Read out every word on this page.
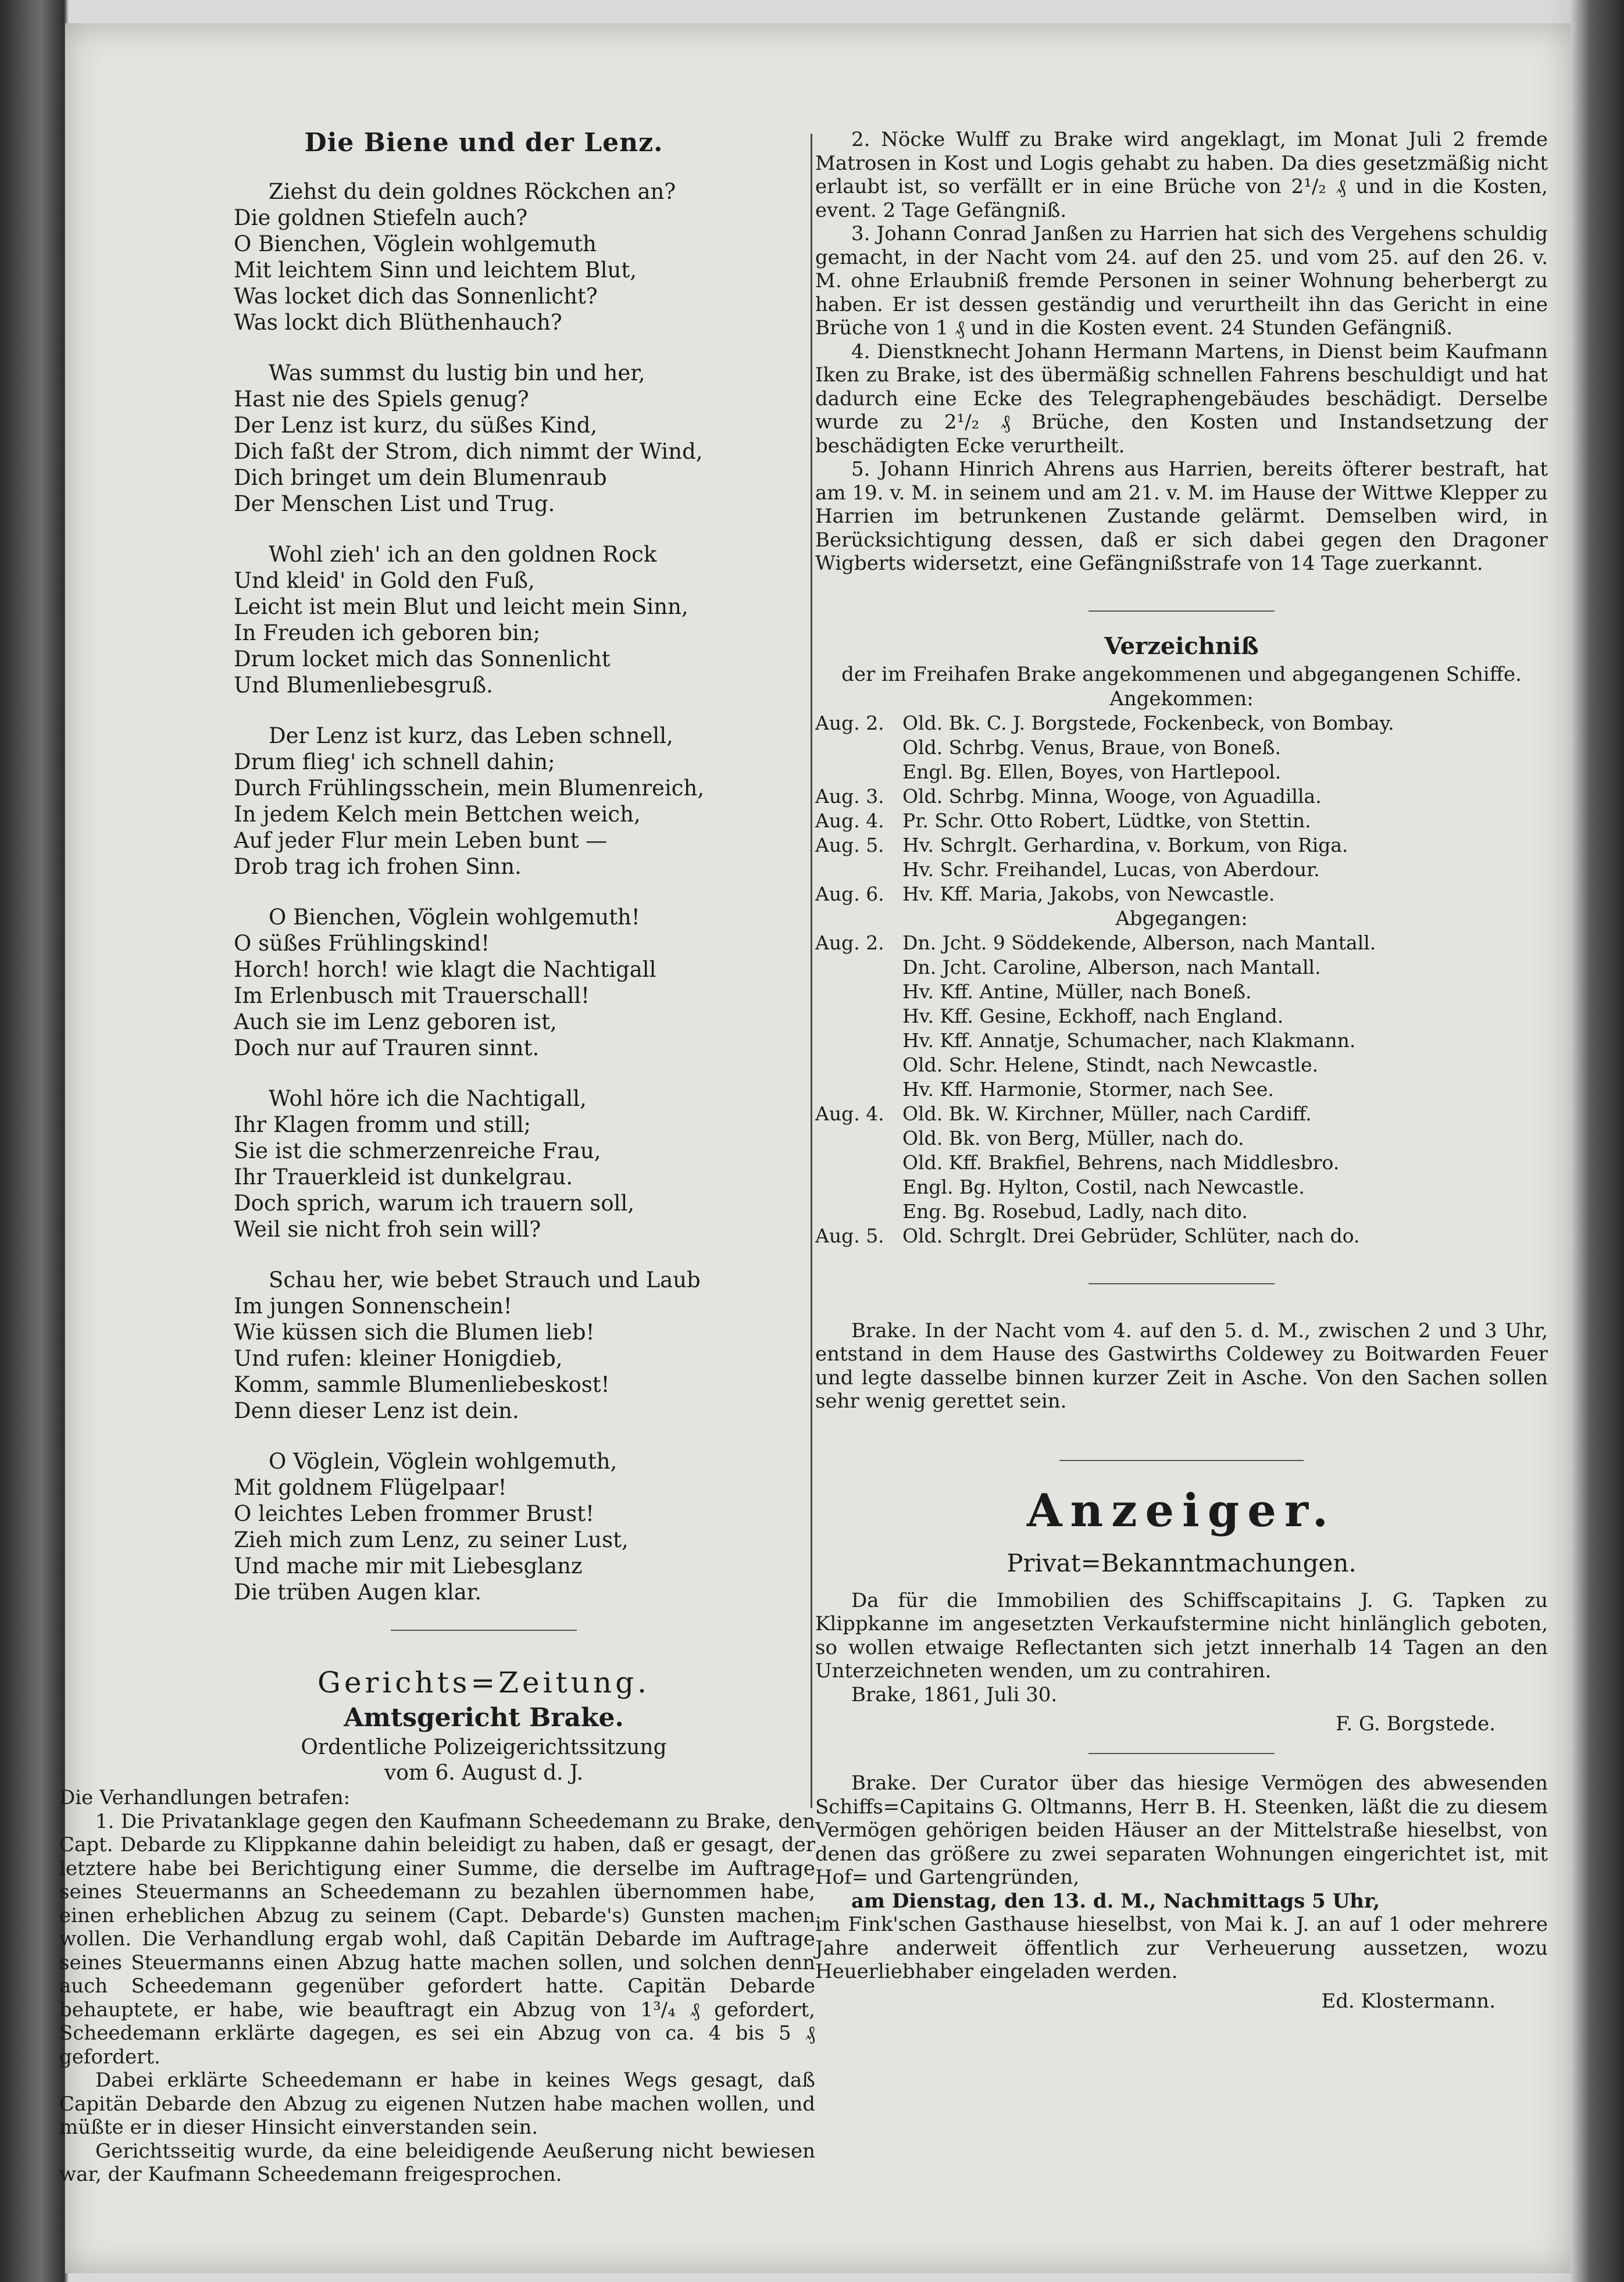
Die Biene und der Lenz.
Ziehst du dein goldnes Röckchen an?
Die goldnen Stiefeln auch?
O Bienchen, Vöglein wohlgemuth
Mit leichtem Sinn und leichtem Blut,
Was locket dich das Sonnenlicht?
Was lockt dich Blüthenhauch?
Was summst du lustig bin und her,
Hast nie des Spiels genug?
Der Lenz ist kurz, du süßes Kind,
Dich faßt der Strom, dich nimmt der Wind,
Dich bringet um dein Blumenraub
Der Menschen List und Trug.
Wohl zieh' ich an den goldnen Rock
Und kleid' in Gold den Fuß,
Leicht ist mein Blut und leicht mein Sinn,
In Freuden ich geboren bin;
Drum locket mich das Sonnenlicht
Und Blumenliebesgruß.
Der Lenz ist kurz, das Leben schnell,
Drum flieg' ich schnell dahin;
Durch Frühlingsschein, mein Blumenreich,
In jedem Kelch mein Bettchen weich,
Auf jeder Flur mein Leben bunt —
Drob trag ich frohen Sinn.
O Bienchen, Vöglein wohlgemuth!
O süßes Frühlingskind!
Horch! horch! wie klagt die Nachtigall
Im Erlenbusch mit Trauerschall!
Auch sie im Lenz geboren ist,
Doch nur auf Trauren sinnt.
Wohl höre ich die Nachtigall,
Ihr Klagen fromm und still;
Sie ist die schmerzenreiche Frau,
Ihr Trauerkleid ist dunkelgrau.
Doch sprich, warum ich trauern soll,
Weil sie nicht froh sein will?
Schau her, wie bebet Strauch und Laub
Im jungen Sonnenschein!
Wie küssen sich die Blumen lieb!
Und rufen: kleiner Honigdieb,
Komm, sammle Blumenliebeskost!
Denn dieser Lenz ist dein.
O Vöglein, Vöglein wohlgemuth,
Mit goldnem Flügelpaar!
O leichtes Leben frommer Brust!
Zieh mich zum Lenz, zu seiner Lust,
Und mache mir mit Liebesglanz
Die trüben Augen klar.
Gerichts=Zeitung.
Amtsgericht Brake.
Ordentliche Polizeigerichtssitzung
vom 6. August d. J.

Die Verhandlungen betrafen:

1. Die Privatanklage gegen den Kaufmann Scheedemann zu Brake, den Capt. Debarde zu Klippkanne dahin beleidigt zu haben, daß er gesagt, der letztere habe bei Berichtigung einer Summe, die derselbe im Auftrage seines Steuermanns an Scheedemann zu bezahlen übernommen habe, einen erheblichen Abzug zu seinem (Capt. Debarde's) Gunsten machen wollen. Die Verhandlung ergab wohl, daß Capitän Debarde im Auftrage seines Steuermanns einen Abzug hatte machen sollen, und solchen denn auch Scheedemann gegenüber gefordert hatte. Capitän Debarde behauptete, er habe, wie beauftragt ein Abzug von 1³/₄ ₰ gefordert, Scheedemann erklärte dagegen, es sei ein Abzug von ca. 4 bis 5 ₰ gefordert.

Dabei erklärte Scheedemann er habe in keines Wegs gesagt, daß Capitän Debarde den Abzug zu eigenen Nutzen habe machen wollen, und müßte er in dieser Hinsicht einverstanden sein.

Gerichtsseitig wurde, da eine beleidigende Aeußerung nicht bewiesen war, der Kaufmann Scheedemann freigesprochen.

2. Nöcke Wulff zu Brake wird angeklagt, im Monat Juli 2 fremde Matrosen in Kost und Logis gehabt zu haben. Da dies gesetzmäßig nicht erlaubt ist, so verfällt er in eine Brüche von 2¹/₂ ₰ und in die Kosten, event. 2 Tage Gefängniß.

3. Johann Conrad Janßen zu Harrien hat sich des Vergehens schuldig gemacht, in der Nacht vom 24. auf den 25. und vom 25. auf den 26. v. M. ohne Erlaubniß fremde Personen in seiner Wohnung beherbergt zu haben. Er ist dessen geständig und verurtheilt ihn das Gericht in eine Brüche von 1 ₰ und in die Kosten event. 24 Stunden Gefängniß.

4. Dienstknecht Johann Hermann Martens, in Dienst beim Kaufmann Iken zu Brake, ist des übermäßig schnellen Fahrens beschuldigt und hat dadurch eine Ecke des Telegraphengebäudes beschädigt. Derselbe wurde zu 2¹/₂ ₰ Brüche, den Kosten und Instandsetzung der beschädigten Ecke verurtheilt.

5. Johann Hinrich Ahrens aus Harrien, bereits öfterer bestraft, hat am 19. v. M. in seinem und am 21. v. M. im Hause der Wittwe Klepper zu Harrien im betrunkenen Zustande gelärmt. Demselben wird, in Berücksichtigung dessen, daß er sich dabei gegen den Dragoner Wigberts widersetzt, eine Gefängnißstrafe von 14 Tage zuerkannt.

Verzeichniß
der im Freihafen Brake angekommenen und abgegangenen Schiffe.
Angekommen:
Aug. 2. Old. Bk. C. J. Borgstede, Fockenbeck, von Bombay.
Old. Schrbg. Venus, Braue, von Boneß.
Engl. Bg. Ellen, Boyes, von Hartlepool.
Aug. 3. Old. Schrbg. Minna, Wooge, von Aguadilla.
Aug. 4. Pr. Schr. Otto Robert, Lüdtke, von Stettin.
Aug. 5. Hv. Schrglt. Gerhardina, v. Borkum, von Riga.
Hv. Schr. Freihandel, Lucas, von Aberdour.
Aug. 6. Hv. Kff. Maria, Jakobs, von Newcastle.
Abgegangen:
Aug. 2. Dn. Jcht. 9 Söddekende, Alberson, nach Mantall.
Dn. Jcht. Caroline, Alberson, nach Mantall.
Hv. Kff. Antine, Müller, nach Boneß.
Hv. Kff. Gesine, Eckhoff, nach England.
Hv. Kff. Annatje, Schumacher, nach Klakmann.
Old. Schr. Helene, Stindt, nach Newcastle.
Hv. Kff. Harmonie, Stormer, nach See.
Aug. 4. Old. Bk. W. Kirchner, Müller, nach Cardiff.
Old. Bk. von Berg, Müller, nach do.
Old. Kff. Brakfiel, Behrens, nach Middlesbro.
Engl. Bg. Hylton, Costil, nach Newcastle.
Eng. Bg. Rosebud, Ladly, nach dito.
Aug. 5. Old. Schrglt. Drei Gebrüder, Schlüter, nach do.

Brake. In der Nacht vom 4. auf den 5. d. M., zwischen 2 und 3 Uhr, entstand in dem Hause des Gastwirths Coldewey zu Boitwarden Feuer und legte dasselbe binnen kurzer Zeit in Asche. Von den Sachen sollen sehr wenig gerettet sein.

Anzeiger.
Privat=Bekanntmachungen.

Da für die Immobilien des Schiffscapitains J. G. Tapken zu Klippkanne im angesetzten Verkaufstermine nicht hinlänglich geboten, so wollen etwaige Reflectanten sich jetzt innerhalb 14 Tagen an den Unterzeichneten wenden, um zu contrahiren.

Brake, 1861, Juli 30.

F. G. Borgstede.

Brake. Der Curator über das hiesige Vermögen des abwesenden Schiffs=Capitains G. Oltmanns, Herr B. H. Steenken, läßt die zu diesem Vermögen gehörigen beiden Häuser an der Mittelstraße hieselbst, von denen das größere zu zwei separaten Wohnungen eingerichtet ist, mit Hof= und Gartengründen,

am Dienstag, den 13. d. M., Nachmittags 5 Uhr,

im Fink'schen Gasthause hieselbst, von Mai k. J. an auf 1 oder mehrere Jahre anderweit öffentlich zur Verheuerung aussetzen, wozu Heuerliebhaber eingeladen werden.

Ed. Klostermann.
